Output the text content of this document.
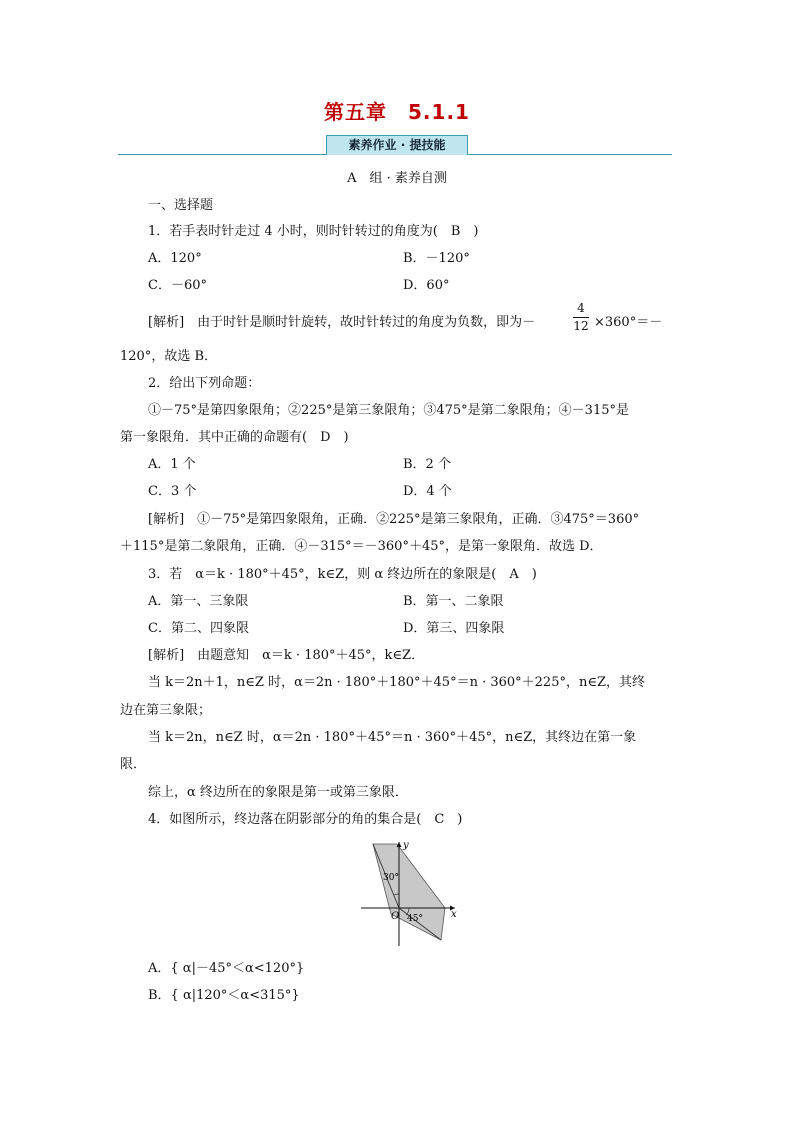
第五章　5.1.1
素养作业 · 提技能
A　组 · 素养自测
一、选择题
1．若手表时针走过 4 小时，则时针转过的角度为(　B　)
A．120°	B．－120°
C．－60°	D．60°
[解析]　由于时针是顺时针旋转，故时针转过的角度为负数，即为－
4
12 ×360°＝－
120°，故选 B．
2．给出下列命题：
①－75°是第四象限角；②225°是第三象限角；③475°是第二象限角；④－315°是
第一象限角．其中正确的命题有(　D　)
A．1 个	B．2 个
C．3 个	D．4 个
[解析]　①－75°是第四象限角，正确．②225°是第三象限角，正确．③475°＝360°
＋115°是第二象限角，正确．④－315°＝－360°＋45°，是第一象限角．故选 D．
3．若　α＝k · 180°＋45°，k∈Z，则 α 终边所在的象限是(　A　)
A．第一、三象限	B．第一、二象限
C．第二、四象限	D．第三、四象限
[解析]　由题意知　α＝k · 180°＋45°，k∈Z．
当 k＝2n＋1，n∈Z 时，α＝2n · 180°＋180°＋45°＝n · 360°＋225°，n∈Z，其终
边在第三象限；
当 k＝2n，n∈Z 时，α＝2n · 180°＋45°＝n · 360°＋45°，n∈Z，其终边在第一象
限．
综上，α 终边所在的象限是第一或第三象限．
4．如图所示，终边落在阴影部分的角的集合是(　C　)
y
x
O
30°
45°
A．{ α|－45°＜α<120°}
B．{ α|120°＜α<315°}
